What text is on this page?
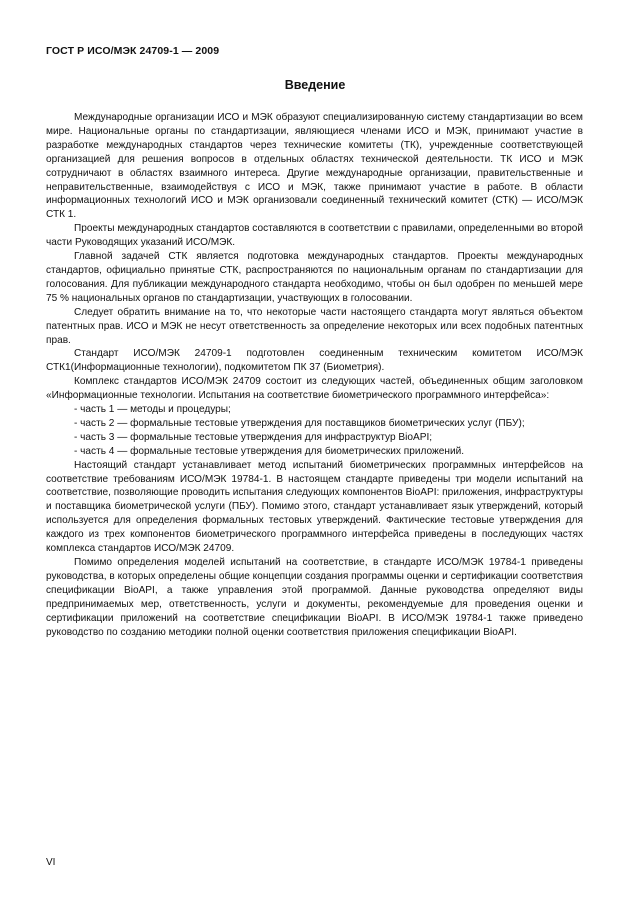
ГОСТ Р ИСО/МЭК 24709-1 — 2009
Введение

Международные организации ИСО и МЭК образуют специализированную систему стандартизации во всем мире. Национальные органы по стандартизации, являющиеся членами ИСО и МЭК, принимают участие в разработке международных стандартов через технические комитеты (ТК), учрежденные соответствующей организацией для решения вопросов в отдельных областях технической деятельности. ТК ИСО и МЭК сотрудничают в областях взаимного интереса. Другие международные организации, правительственные и неправительственные, взаимодействуя с ИСО и МЭК, также принимают участие в работе. В области информационных технологий ИСО и МЭК организовали соединенный технический комитет (СТК) — ИСО/МЭК СТК 1.

Проекты международных стандартов составляются в соответствии с правилами, определенными во второй части Руководящих указаний ИСО/МЭК.

Главной задачей СТК является подготовка международных стандартов. Проекты международных стандартов, официально принятые СТК, распространяются по национальным органам по стандартизации для голосования. Для публикации международного стандарта необходимо, чтобы он был одобрен по меньшей мере 75 % национальных органов по стандартизации, участвующих в голосовании.

Следует обратить внимание на то, что некоторые части настоящего стандарта могут являться объектом патентных прав. ИСО и МЭК не несут ответственность за определение некоторых или всех подобных патентных прав.

Стандарт ИСО/МЭК 24709-1 подготовлен соединенным техническим комитетом ИСО/МЭК СТК1(Информационные технологии), подкомитетом ПК 37 (Биометрия).

Комплекс стандартов ИСО/МЭК 24709 состоит из следующих частей, объединенных общим заголовком «Информационные технологии. Испытания на соответствие биометрического программного интерфейса»:

- часть 1 — методы и процедуры;

- часть 2 — формальные тестовые утверждения для поставщиков биометрических услуг (ПБУ);

- часть 3 — формальные тестовые утверждения для инфраструктур BioAPI;

- часть 4 — формальные тестовые утверждения для биометрических приложений.

Настоящий стандарт устанавливает метод испытаний биометрических программных интерфейсов на соответствие требованиям ИСО/МЭК 19784-1. В настоящем стандарте приведены три модели испытаний на соответствие, позволяющие проводить испытания следующих компонентов BioAPI: приложения, инфраструктуры и поставщика биометрической услуги (ПБУ). Помимо этого, стандарт устанавливает язык утверждений, который используется для определения формальных тестовых утверждений. Фактические тестовые утверждения для каждого из трех компонентов биометрического программного интерфейса приведены в последующих частях комплекса стандартов ИСО/МЭК 24709.

Помимо определения моделей испытаний на соответствие, в стандарте ИСО/МЭК 19784-1 приведены руководства, в которых определены общие концепции создания программы оценки и сертификации соответствия спецификации BioAPI, а также управления этой программой. Данные руководства определяют виды предпринимаемых мер, ответственность, услуги и документы, рекомендуемые для проведения оценки и сертификации приложений на соответствие спецификации BioAPI. В ИСО/МЭК 19784-1 также приведено руководство по созданию методики полной оценки соответствия приложения спецификации BioAPI.

VI
